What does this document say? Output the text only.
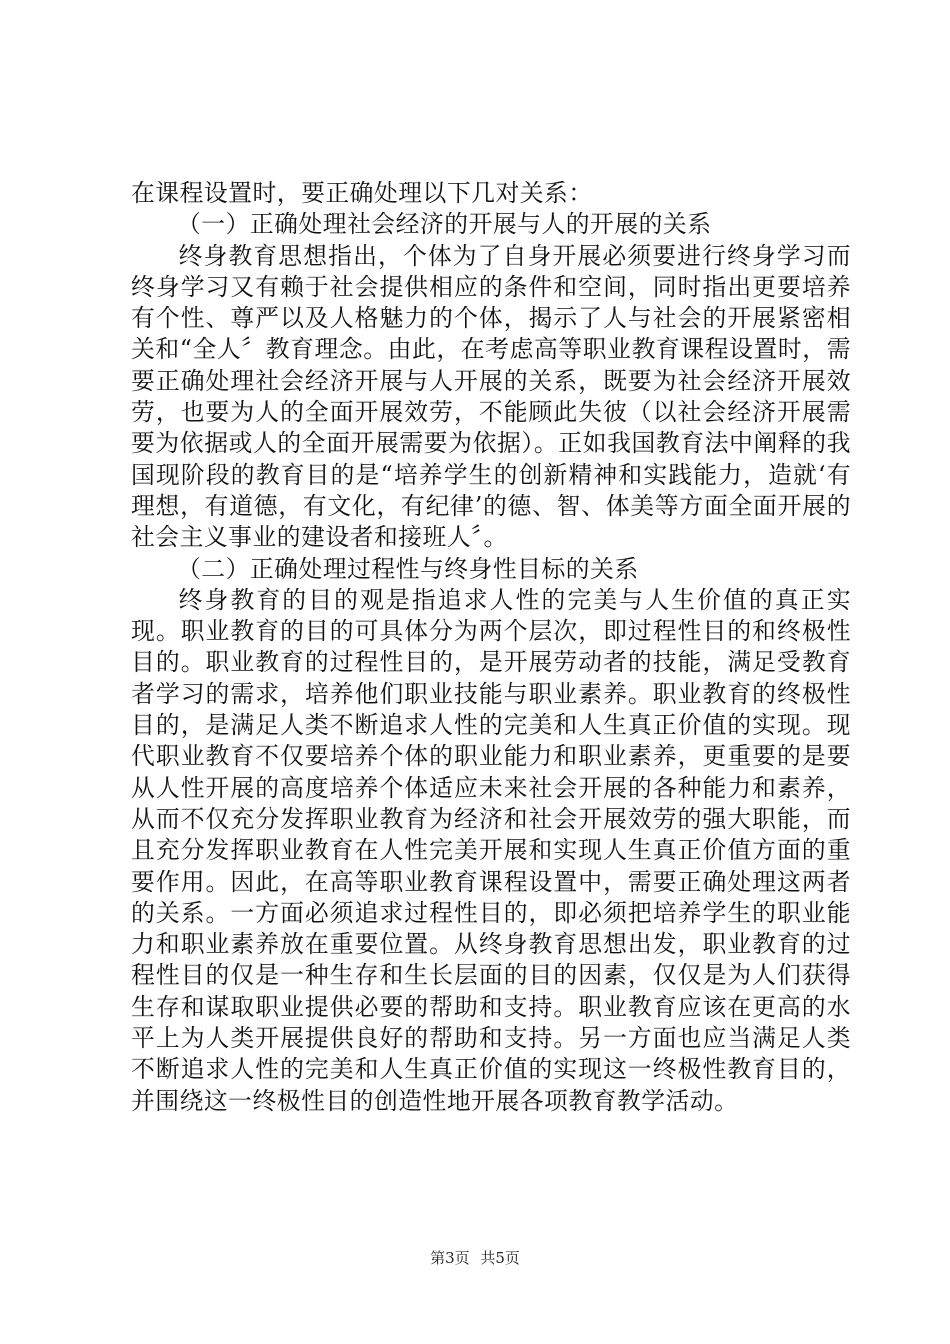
在课程设置时，要正确处理以下几对关系：

（一）正确处理社会经济的开展与人的开展的关系

终身教育思想指出，个体为了自身开展必须要进行终身学习而终身学习又有赖于社会提供相应的条件和空间，同时指出更要培养有个性、尊严以及人格魅力的个体，揭示了人与社会的开展紧密相关和“全人〞教育理念。由此，在考虑高等职业教育课程设置时，需要正确处理社会经济开展与人开展的关系，既要为社会经济开展效劳，也要为人的全面开展效劳，不能顾此失彼（以社会经济开展需要为依据或人的全面开展需要为依据）。正如我国教育法中阐释的我国现阶段的教育目的是“培养学生的创新精神和实践能力，造就‘有理想，有道德，有文化，有纪律’的德、智、体美等方面全面开展的社会主义事业的建设者和接班人〞。

（二）正确处理过程性与终身性目标的关系

终身教育的目的观是指追求人性的完美与人生价值的真正实现。职业教育的目的可具体分为两个层次，即过程性目的和终极性目的。职业教育的过程性目的，是开展劳动者的技能，满足受教育者学习的需求，培养他们职业技能与职业素养。职业教育的终极性目的，是满足人类不断追求人性的完美和人生真正价值的实现。现代职业教育不仅要培养个体的职业能力和职业素养，更重要的是要从人性开展的高度培养个体适应未来社会开展的各种能力和素养，从而不仅充分发挥职业教育为经济和社会开展效劳的强大职能，而且充分发挥职业教育在人性完美开展和实现人生真正价值方面的重要作用。因此，在高等职业教育课程设置中，需要正确处理这两者的关系。一方面必须追求过程性目的，即必须把培养学生的职业能力和职业素养放在重要位置。从终身教育思想出发，职业教育的过程性目的仅是一种生存和生长层面的目的因素，仅仅是为人们获得生存和谋取职业提供必要的帮助和支持。职业教育应该在更高的水平上为人类开展提供良好的帮助和支持。另一方面也应当满足人类不断追求人性的完美和人生真正价值的实现这一终极性教育目的，并围绕这一终极性目的创造性地开展各项教育教学活动。

第3页 共5页
